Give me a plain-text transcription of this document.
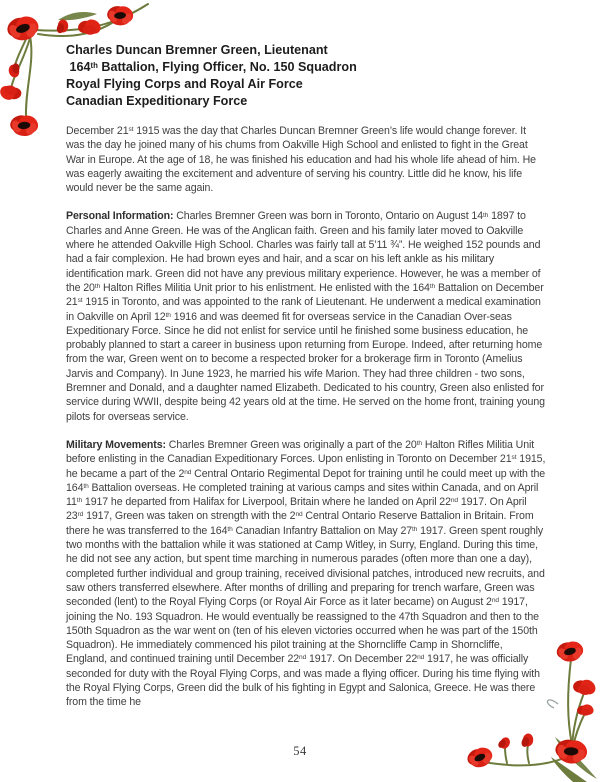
Charles Duncan Bremner Green, Lieutenant
164th Battalion, Flying Officer, No. 150 Squadron
Royal Flying Corps and Royal Air Force
Canadian Expeditionary Force

December 21st 1915 was the day that Charles Duncan Bremner Green’s life would change forever. It was the day he joined many of his chums from Oakville High School and enlisted to fight in the Great War in Europe. At the age of 18, he was finished his education and had his whole life ahead of him. He was eagerly awaiting the excitement and adventure of serving his country. Little did he know, his life would never be the same again.

Personal Information: Charles Bremner Green was born in Toronto, Ontario on August 14th 1897 to Charles and Anne Green. He was of the Anglican faith. Green and his family later moved to Oakville where he attended Oakville High School. Charles was fairly tall at 5’11 ¾”. He weighed 152 pounds and had a fair complexion. He had brown eyes and hair, and a scar on his left ankle as his military identification mark. Green did not have any previous military experience. However, he was a member of the 20th Halton Rifles Militia Unit prior to his enlistment. He enlisted with the 164th Battalion on December 21st 1915 in Toronto, and was appointed to the rank of Lieutenant. He underwent a medical examination in Oakville on April 12th 1916 and was deemed fit for overseas service in the Canadian Over-seas Expeditionary Force. Since he did not enlist for service until he finished some business education, he probably planned to start a career in business upon returning from Europe. Indeed, after returning home from the war, Green went on to become a respected broker for a brokerage firm in Toronto (Amelius Jarvis and Company). In June 1923, he married his wife Marion. They had three children - two sons, Bremner and Donald, and a daughter named Elizabeth. Dedicated to his country, Green also enlisted for service during WWII, despite being 42 years old at the time. He served on the home front, training young pilots for overseas service.

Military Movements: Charles Bremner Green was originally a part of the 20th Halton Rifles Militia Unit before enlisting in the Canadian Expeditionary Forces. Upon enlisting in Toronto on December 21st 1915, he became a part of the 2nd Central Ontario Regimental Depot for training until he could meet up with the 164th Battalion overseas. He completed training at various camps and sites within Canada, and on April 11th 1917 he departed from Halifax for Liverpool, Britain where he landed on April 22nd 1917. On April 23rd 1917, Green was taken on strength with the 2nd Central Ontario Reserve Battalion in Britain. From there he was transferred to the 164th Canadian Infantry Battalion on May 27th 1917. Green spent roughly two months with the battalion while it was stationed at Camp Witley, in Surry, England. During this time, he did not see any action, but spent time marching in numerous parades (often more than one a day), completed further individual and group training, received divisional patches, introduced new recruits, and saw others transferred elsewhere. After months of drilling and preparing for trench warfare, Green was seconded (lent) to the Royal Flying Corps (or Royal Air Force as it later became) on August 2nd 1917, joining the No. 193 Squadron. He would eventually be reassigned to the 47th Squadron and then to the 150th Squadron as the war went on (ten of his eleven victories occurred when he was part of the 150th Squadron). He immediately commenced his pilot training at the Shorncliffe Camp in Shorncliffe, England, and continued training until December 22nd 1917. On December 22nd 1917, he was officially seconded for duty with the Royal Flying Corps, and was made a flying officer. During his time flying with the Royal Flying Corps, Green did the bulk of his fighting in Egypt and Salonica, Greece. He was there from the time he

54
